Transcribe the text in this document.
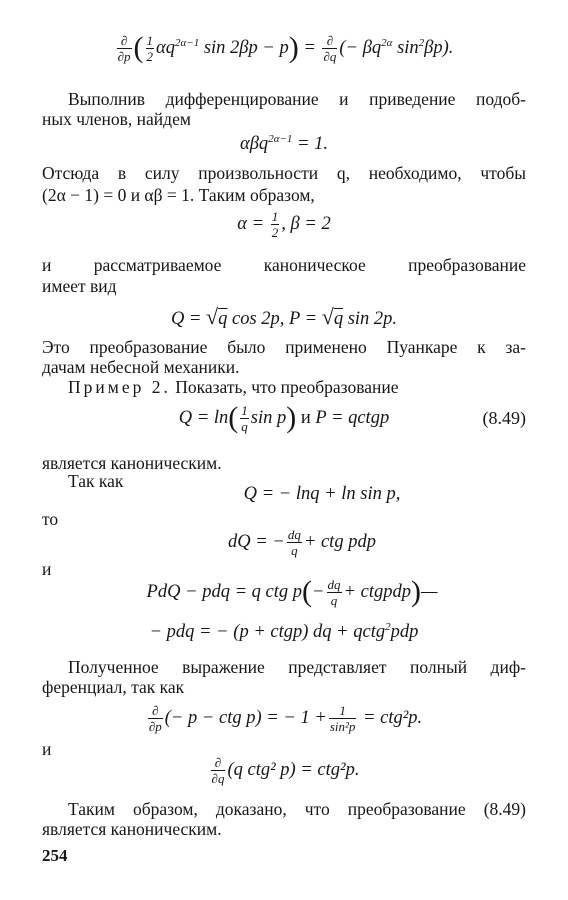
$\frac{\partial}{\partial p}$ ( $\frac{1}{2} \alpha q^{2\alpha-1}$ $\sin 2\beta p - p) = \frac{\partial}{\partial q}$ (− $\beta q^{2\alpha}$ $\sin^2\beta p$).
Выполнив дифференцирование и приведение подоб-
ных членов, найдем
αβq$^{2\alpha-1}$ = 1.
Отсюда в силу произвольности q, необходимо, чтобы
(2α − 1) = 0 и αβ = 1. Таким образом,
$\alpha = \frac{1}{2}$ , β = 2
и рассматриваемое каноническое преобразование
имеет вид
Q = √q cos 2p, P = √q sin 2p.
Это преобразование было применено Пуанкаре к за-
дачам небесной механики.
Пример 2. Показать, что преобразование
$Q = \ln( \frac{1}{q}$ sin p) и P = qctgp	(8.49)
является каноническим.
Так как
Q = − lnq + ln sin p,
то
dQ = − $\frac{dq}{q}$ + ctg pdp
и
PdQ − pdq = q ctg $p(- \frac{dq}{q}$ + ctgpdp)—
− pdq = − (p + ctgp) dq + qctg$^2$pdp
Полученное выражение представляет полный диф-
ференциал, так как
$\frac{\partial}{\partial p}$ (− p − ctg p) = − $1 + \frac{1}{\text{sin²p}} = ctg^2p$.
и
$\frac{\partial}{\partial q} (q$ ctg² p) = ctg²p.
Таким образом, доказано, что преобразование (8.49)
является каноническим.
254
